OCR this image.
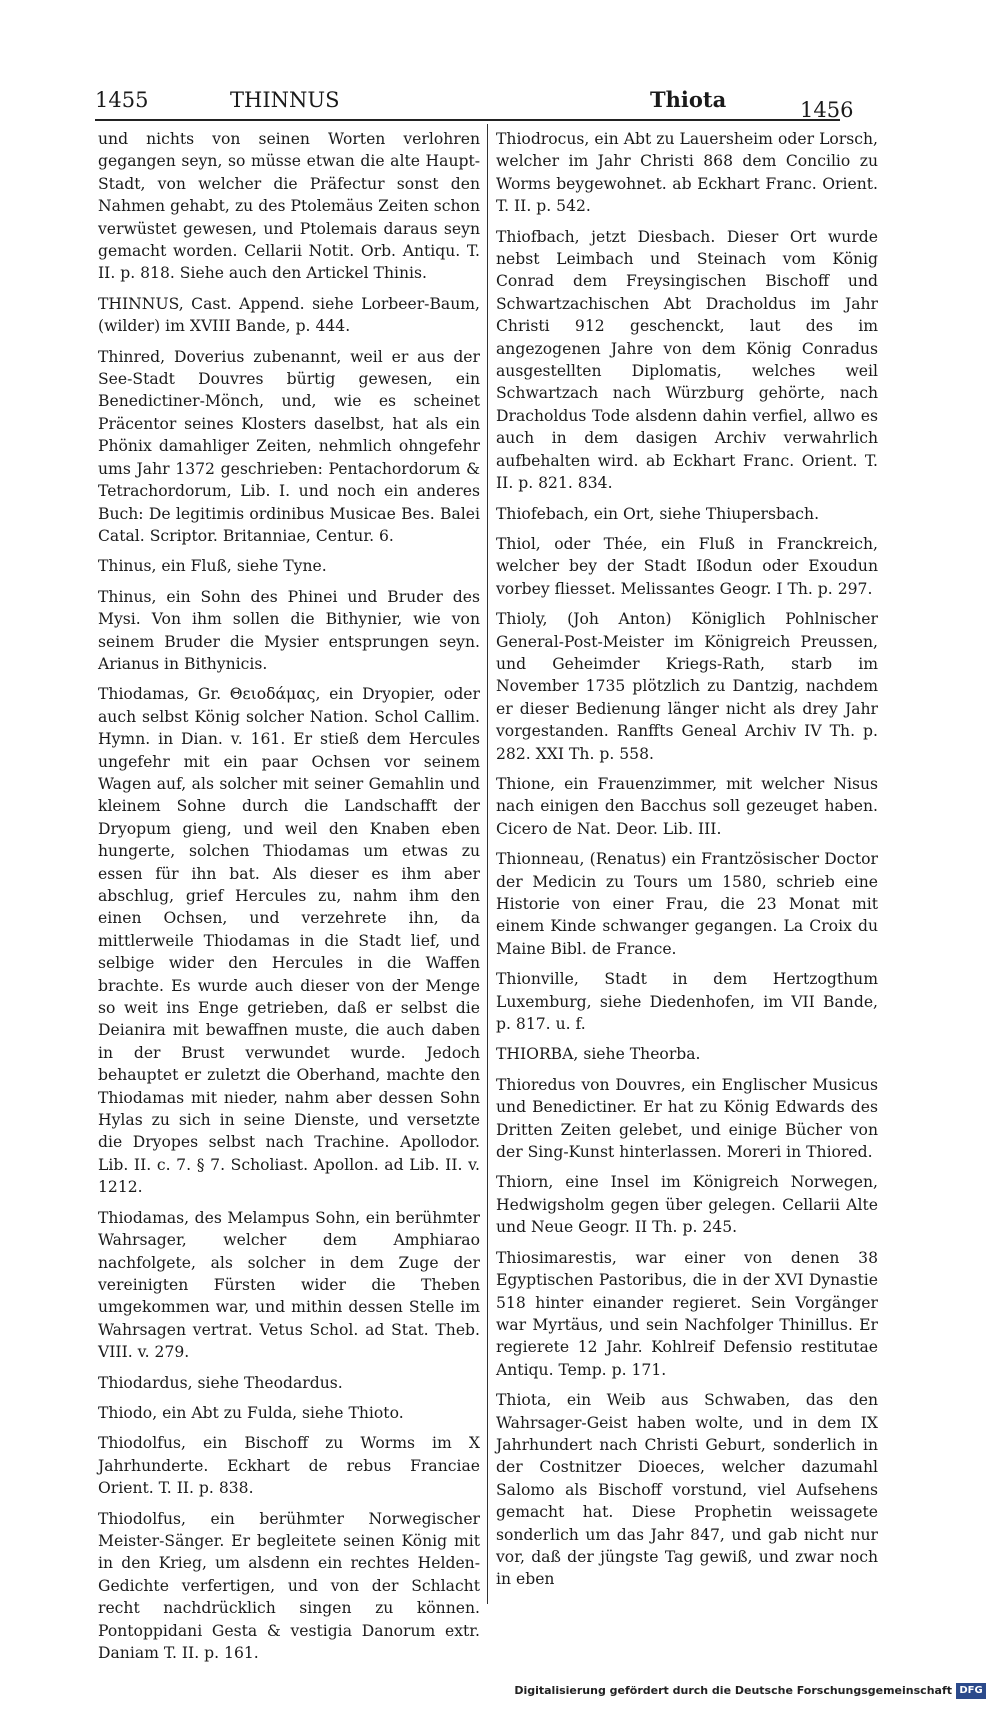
1455	THINNUS	Thiota	1456

und nichts von seinen Worten verlohren gegangen seyn, so müsse etwan die alte Haupt-Stadt, von welcher die Präfectur sonst den Nahmen gehabt, zu des Ptolemäus Zeiten schon verwüstet gewesen, und Ptolemais daraus seyn gemacht worden. Cellarii Notit. Orb. Antiqu. T. II. p. 818. Siehe auch den Artickel Thinis.

THINNUS, Cast. Append. siehe Lorbeer-Baum, (wilder) im XVIII Bande, p. 444.

Thinred, Doverius zubenannt, weil er aus der See-Stadt Douvres bürtig gewesen, ein Benedictiner-Mönch, und, wie es scheinet Präcentor seines Klosters daselbst, hat als ein Phönix damahliger Zeiten, nehmlich ohngefehr ums Jahr 1372 geschrieben: Pentachordorum & Tetrachordorum, Lib. I. und noch ein anderes Buch: De legitimis ordinibus Musicae Bes. Balei Catal. Scriptor. Britanniae, Centur. 6.

Thinus, ein Fluß, siehe Tyne.

Thinus, ein Sohn des Phinei und Bruder des Mysi. Von ihm sollen die Bithynier, wie von seinem Bruder die Mysier entsprungen seyn. Arianus in Bithynicis.

Thiodamas, Gr. Θειοδάμας, ein Dryopier, oder auch selbst König solcher Nation. Schol Callim. Hymn. in Dian. v. 161. Er stieß dem Hercules ungefehr mit ein paar Ochsen vor seinem Wagen auf, als solcher mit seiner Gemahlin und kleinem Sohne durch die Landschafft der Dryopum gieng, und weil den Knaben eben hungerte, solchen Thiodamas um etwas zu essen für ihn bat. Als dieser es ihm aber abschlug, grief Hercules zu, nahm ihm den einen Ochsen, und verzehrete ihn, da mittlerweile Thiodamas in die Stadt lief, und selbige wider den Hercules in die Waffen brachte. Es wurde auch dieser von der Menge so weit ins Enge getrieben, daß er selbst die Deianira mit bewaffnen muste, die auch daben in der Brust verwundet wurde. Jedoch behauptet er zuletzt die Oberhand, machte den Thiodamas mit nieder, nahm aber dessen Sohn Hylas zu sich in seine Dienste, und versetzte die Dryopes selbst nach Trachine. Apollodor. Lib. II. c. 7. § 7. Scholiast. Apollon. ad Lib. II. v. 1212.

Thiodamas, des Melampus Sohn, ein berühmter Wahrsager, welcher dem Amphiarao nachfolgete, als solcher in dem Zuge der vereinigten Fürsten wider die Theben umgekommen war, und mithin dessen Stelle im Wahrsagen vertrat. Vetus Schol. ad Stat. Theb. VIII. v. 279.

Thiodardus, siehe Theodardus.

Thiodo, ein Abt zu Fulda, siehe Thioto.

Thiodolfus, ein Bischoff zu Worms im X Jahrhunderte. Eckhart de rebus Franciae Orient. T. II. p. 838.

Thiodolfus, ein berühmter Norwegischer Meister-Sänger. Er begleitete seinen König mit in den Krieg, um alsdenn ein rechtes Helden-Gedichte verfertigen, und von der Schlacht recht nachdrücklich singen zu können. Pontoppidani Gesta & vestigia Danorum extr. Daniam T. II. p. 161.

Thiodrocus, ein Abt zu Lauersheim oder Lorsch, welcher im Jahr Christi 868 dem Concilio zu Worms beygewohnet. ab Eckhart Franc. Orient. T. II. p. 542.

Thiofbach, jetzt Diesbach. Dieser Ort wurde nebst Leimbach und Steinach vom König Conrad dem Freysingischen Bischoff und Schwartzachischen Abt Dracholdus im Jahr Christi 912 geschenckt, laut des im angezogenen Jahre von dem König Conradus ausgestellten Diplomatis, welches weil Schwartzach nach Würzburg gehörte, nach Dracholdus Tode alsdenn dahin verfiel, allwo es auch in dem dasigen Archiv verwahrlich aufbehalten wird. ab Eckhart Franc. Orient. T. II. p. 821. 834.

Thiofebach, ein Ort, siehe Thiupersbach.

Thiol, oder Thée, ein Fluß in Franckreich, welcher bey der Stadt Ißodun oder Exoudun vorbey fliesset. Melissantes Geogr. I Th. p. 297.

Thioly, (Joh Anton) Königlich Pohlnischer General-Post-Meister im Königreich Preussen, und Geheimder Kriegs-Rath, starb im November 1735 plötzlich zu Dantzig, nachdem er dieser Bedienung länger nicht als drey Jahr vorgestanden. Ranffts Geneal Archiv IV Th. p. 282. XXI Th. p. 558.

Thione, ein Frauenzimmer, mit welcher Nisus nach einigen den Bacchus soll gezeuget haben. Cicero de Nat. Deor. Lib. III.

Thionneau, (Renatus) ein Frantzösischer Doctor der Medicin zu Tours um 1580, schrieb eine Historie von einer Frau, die 23 Monat mit einem Kinde schwanger gegangen. La Croix du Maine Bibl. de France.

Thionville, Stadt in dem Hertzogthum Luxemburg, siehe Diedenhofen, im VII Bande, p. 817. u. f.

THIORBA, siehe Theorba.

Thioredus von Douvres, ein Englischer Musicus und Benedictiner. Er hat zu König Edwards des Dritten Zeiten gelebet, und einige Bücher von der Sing-Kunst hinterlassen. Moreri in Thiored.

Thiorn, eine Insel im Königreich Norwegen, Hedwigsholm gegen über gelegen. Cellarii Alte und Neue Geogr. II Th. p. 245.

Thiosimarestis, war einer von denen 38 Egyptischen Pastoribus, die in der XVI Dynastie 518 hinter einander regieret. Sein Vorgänger war Myrtäus, und sein Nachfolger Thinillus. Er regierete 12 Jahr. Kohlreif Defensio restitutae Antiqu. Temp. p. 171.

Thiota, ein Weib aus Schwaben, das den Wahrsager-Geist haben wolte, und in dem IX Jahrhundert nach Christi Geburt, sonderlich in der Costnitzer Dioeces, welcher dazumahl Salomo als Bischoff vorstund, viel Aufsehens gemacht hat. Diese Prophetin weissagete sonderlich um das Jahr 847, und gab nicht nur vor, daß der jüngste Tag gewiß, und zwar noch in eben

Digitalisierung gefördert durch die Deutsche Forschungsgemeinschaft DFG
